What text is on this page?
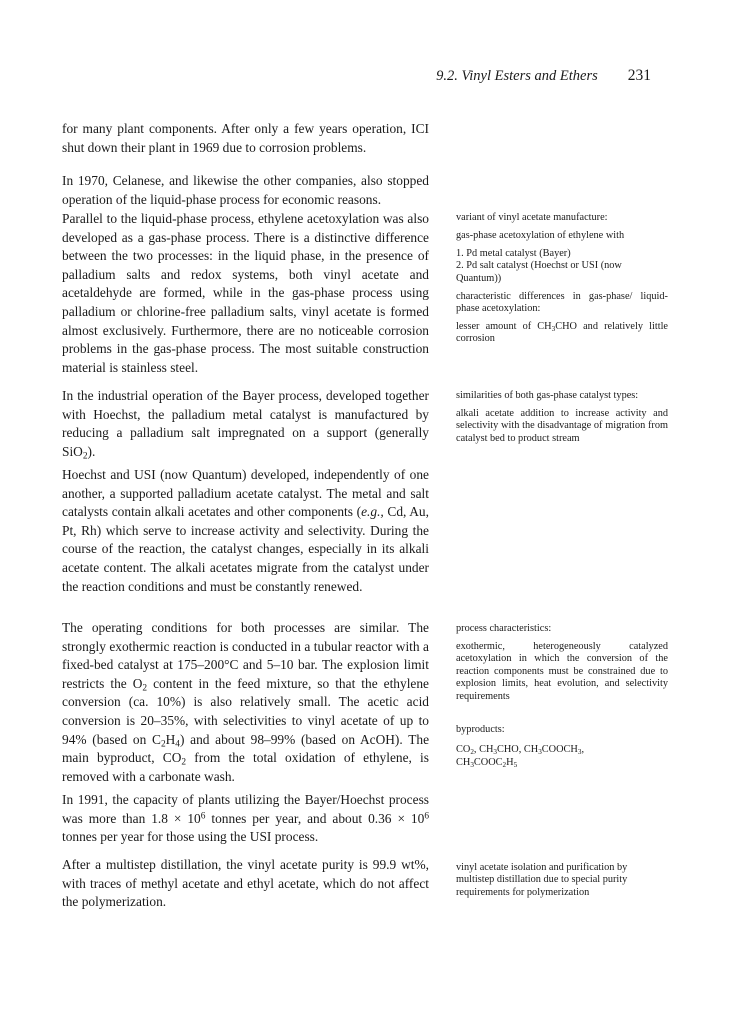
9.2. Vinyl Esters and Ethers 231

for many plant components. After only a few years operation, ICI shut down their plant in 1969 due to corrosion problems.

In 1970, Celanese, and likewise the other companies, also stopped operation of the liquid-phase process for economic reasons.

Parallel to the liquid-phase process, ethylene acetoxylation was also developed as a gas-phase process. There is a distinctive difference between the two processes: in the liquid phase, in the presence of palladium salts and redox systems, both vinyl acetate and acetaldehyde are formed, while in the gas-phase process using palladium or chlorine-free palladium salts, vinyl acetate is formed almost exclusively. Furthermore, there are no noticeable corrosion problems in the gas-phase process. The most suitable construction material is stainless steel.

In the industrial operation of the Bayer process, developed together with Hoechst, the palladium metal catalyst is manufactured by reducing a palladium salt impregnated on a support (generally SiO$_2$).

Hoechst and USI (now Quantum) developed, independently of one another, a supported palladium acetate catalyst. The metal and salt catalysts contain alkali acetates and other components (e.g., Cd, Au, Pt, Rh) which serve to increase activity and selectivity. During the course of the reaction, the catalyst changes, especially in its alkali acetate content. The alkali acetates migrate from the catalyst under the reaction conditions and must be constantly renewed.

The operating conditions for both processes are similar. The strongly exothermic reaction is conducted in a tubular reactor with a fixed-bed catalyst at 175–200°C and 5–10 bar. The explosion limit restricts the $O_2$ content in the feed mixture, so that the ethylene conversion (ca. 10%) is also relatively small. The acetic acid conversion is 20–35%, with selectivities to vinyl acetate of up to 94% (based on $C_2H_4$) and about 98–99% (based on AcOH). The main byproduct, $CO_2$ from the total oxidation of ethylene, is removed with a carbonate wash.

In 1991, the capacity of plants utilizing the Bayer/Hoechst process was more than $1.8 \times 10^6$ tonnes per year, and about $0.36 \times 10^6$ tonnes per year for those using the USI process.

After a multistep distillation, the vinyl acetate purity is 99.9 wt%, with traces of methyl acetate and ethyl acetate, which do not affect the polymerization.

variant of vinyl acetate manufacture:

gas-phase acetoxylation of ethylene with

1. Pd metal catalyst (Bayer)

2. Pd salt catalyst (Hoechst or USI (now Quantum))

characteristic differences in gas-phase/ liquid-phase acetoxylation:

lesser amount of $CH_3CHO$ and relatively little corrosion

similarities of both gas-phase catalyst types:

alkali acetate addition to increase activity and selectivity with the disadvantage of migration from catalyst bed to product stream

process characteristics:

exothermic, heterogeneously catalyzed acetoxylation in which the conversion of the reaction components must be constrained due to explosion limits, heat evolution, and selectivity requirements

byproducts:

$CO_2$, $CH_3CHO$, $CH_3COOCH_3$,
$CH_3COOC_2H_5$

vinyl acetate isolation and purification by multistep distillation due to special purity requirements for polymerization
